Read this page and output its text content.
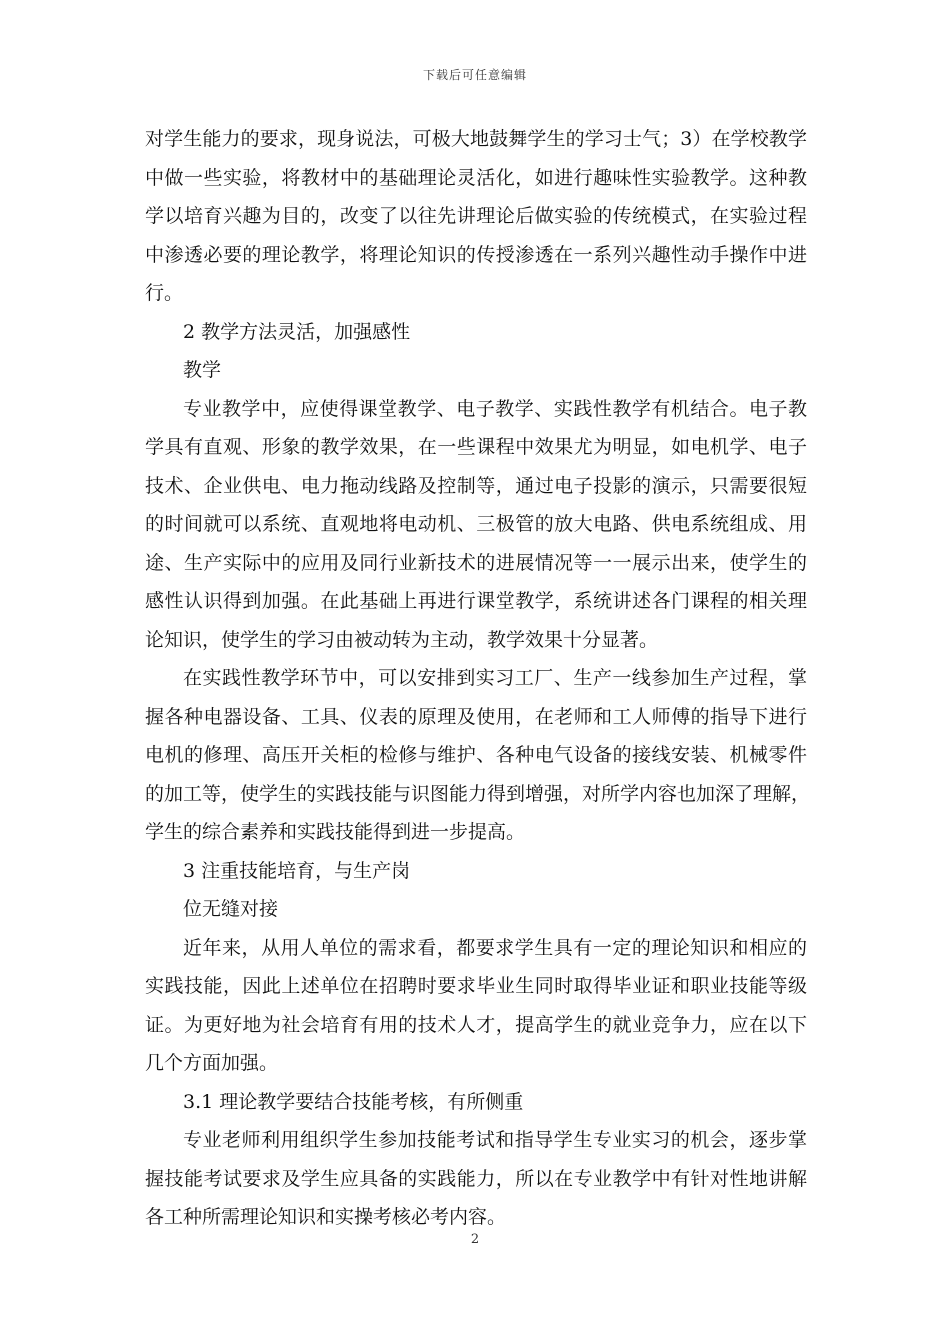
下载后可任意编辑
对学生能力的要求，现身说法，可极大地鼓舞学生的学习士气；3）在学校教学
中做一些实验，将教材中的基础理论灵活化，如进行趣味性实验教学。这种教
学以培育兴趣为目的，改变了以往先讲理论后做实验的传统模式，在实验过程
中渗透必要的理论教学，将理论知识的传授渗透在一系列兴趣性动手操作中进
行。
2 教学方法灵活，加强感性
教学
专业教学中，应使得课堂教学、电子教学、实践性教学有机结合。电子教
学具有直观、形象的教学效果，在一些课程中效果尤为明显，如电机学、电子
技术、企业供电、电力拖动线路及控制等，通过电子投影的演示，只需要很短
的时间就可以系统、直观地将电动机、三极管的放大电路、供电系统组成、用
途、生产实际中的应用及同行业新技术的进展情况等一一展示出来，使学生的
感性认识得到加强。在此基础上再进行课堂教学，系统讲述各门课程的相关理
论知识，使学生的学习由被动转为主动，教学效果十分显著。
在实践性教学环节中，可以安排到实习工厂、生产一线参加生产过程，掌
握各种电器设备、工具、仪表的原理及使用，在老师和工人师傅的指导下进行
电机的修理、高压开关柜的检修与维护、各种电气设备的接线安装、机械零件
的加工等，使学生的实践技能与识图能力得到增强，对所学内容也加深了理解，
学生的综合素养和实践技能得到进一步提高。
3 注重技能培育，与生产岗
位无缝对接
近年来，从用人单位的需求看，都要求学生具有一定的理论知识和相应的
实践技能，因此上述单位在招聘时要求毕业生同时取得毕业证和职业技能等级
证。为更好地为社会培育有用的技术人才，提高学生的就业竞争力，应在以下
几个方面加强。
3.1 理论教学要结合技能考核，有所侧重
专业老师利用组织学生参加技能考试和指导学生专业实习的机会，逐步掌
握技能考试要求及学生应具备的实践能力，所以在专业教学中有针对性地讲解
各工种所需理论知识和实操考核必考内容。
2
